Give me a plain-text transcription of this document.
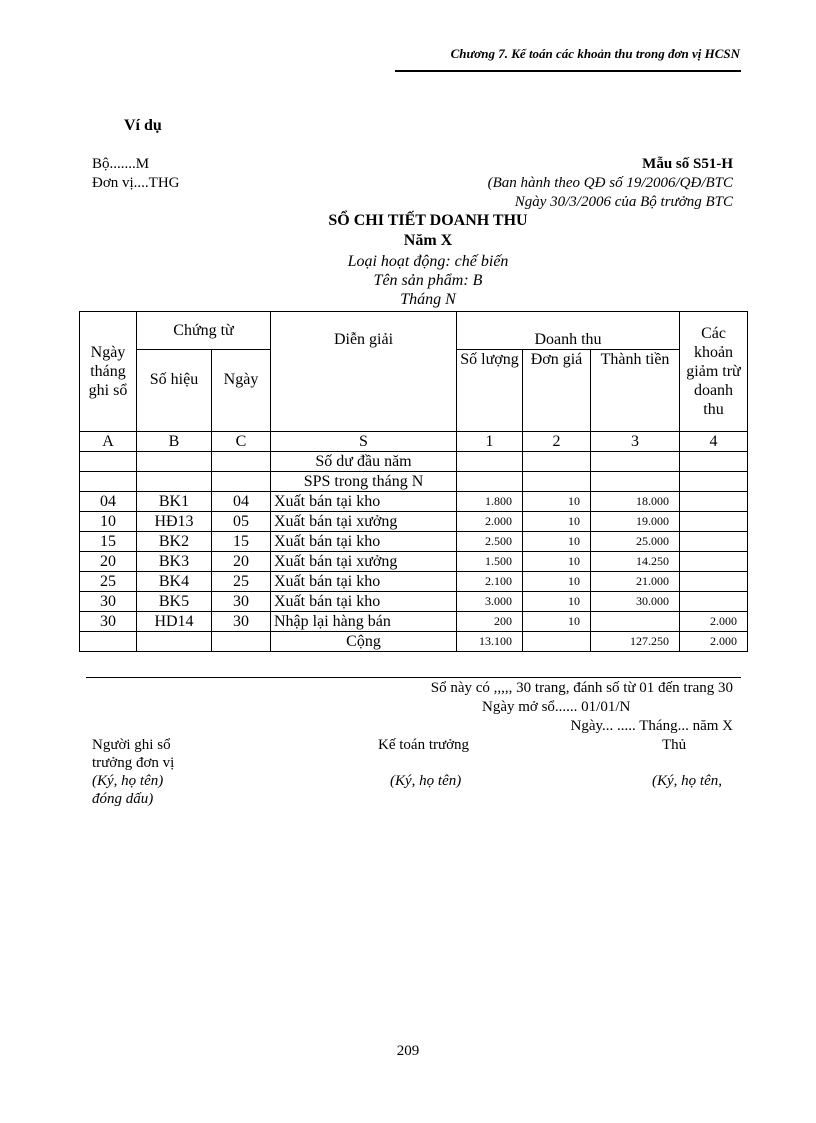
Chương 7. Kế toán các khoản thu trong đơn vị HCSN
Ví dụ
Bộ.......M
Đơn vị....THG
Mẫu số S51-H
(Ban hành theo QĐ số 19/2006/QĐ/BTC
Ngày 30/3/2006 của Bộ trưởng BTC
SỔ CHI TIẾT DOANH THU
Năm X
Loại hoạt động: chế biến
Tên sản phẩm: B
Tháng N
Ngày tháng ghi sổ	Chứng từ		Diễn giải	Doanh thu			Các khoản giảm trừ doanh thu
	Số hiệu	Ngày		Số lượng	Đơn giá	Thành tiền	
A	B	C	S	1	2	3	4
			Số dư đầu năm				
			SPS trong tháng N				
04	BK1	04	Xuất bán tại kho	1.800	10	18.000	
10	HĐ13	05	Xuất bán tại xưởng	2.000	10	19.000	
15	BK2	15	Xuất bán tại kho	2.500	10	25.000	
20	BK3	20	Xuất bán tại xưởng	1.500	10	14.250	
25	BK4	25	Xuất bán tại kho	2.100	10	21.000	
30	BK5	30	Xuất bán tại kho	3.000	10	30.000	
30	HD14	30	Nhập lại hàng bán	200	10		2.000
			Cộng	13.100		127.250	2.000
Sổ này có ,,,,, 30 trang, đánh số từ 01 đến trang 30
Ngày mở sổ...... 01/01/N
Ngày... ..... Tháng... năm X
Người ghi sổ	Kế toán trưởng	Thủ
trưởng đơn vị
(Ký, họ tên)	(Ký, họ tên)	(Ký, họ tên,
đóng dấu)
209
